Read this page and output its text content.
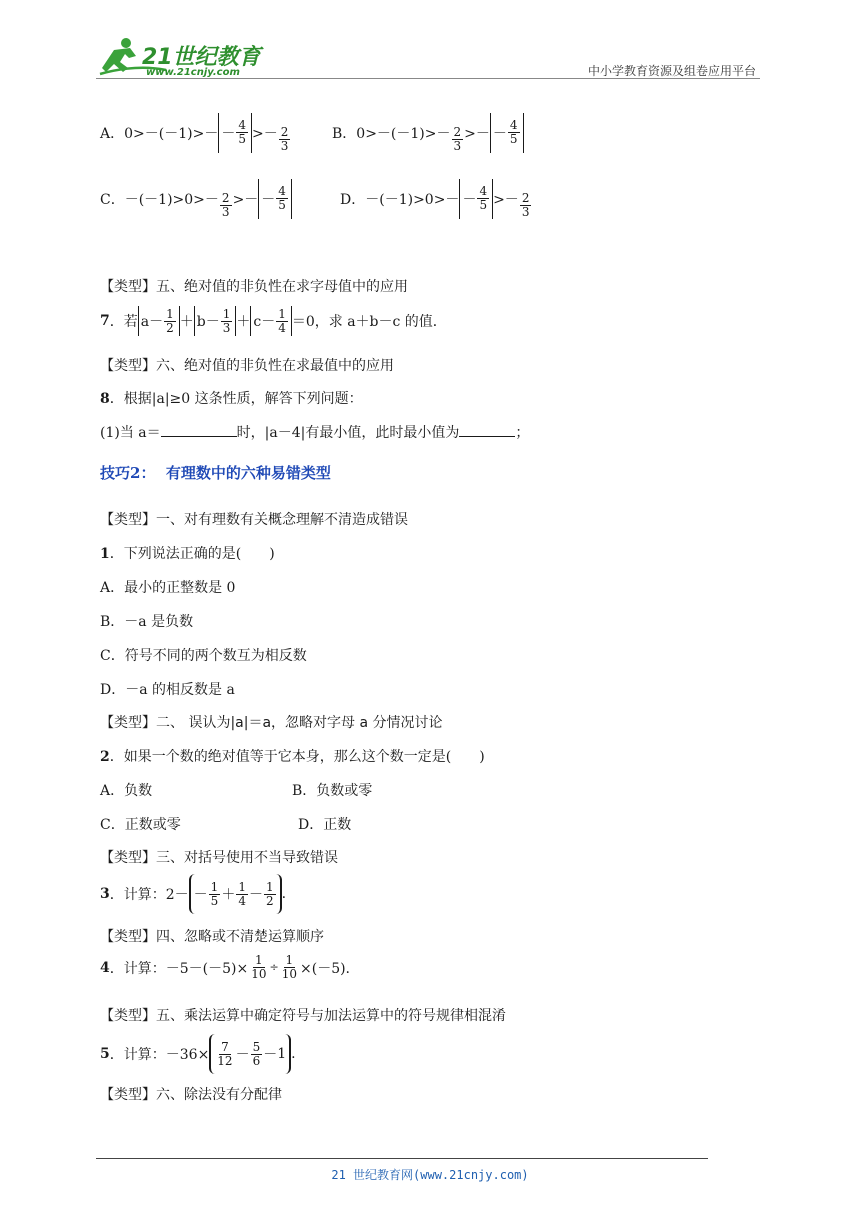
21世纪教育
www.21cnjy.com	中小学教育资源及组卷应用平台
A． $0>-(-1)>- - \frac{4}{5} >- \frac{2}{3}$	B． $0>-(-1)>- \frac{2}{3}$ >－ － $\frac{4}{5}$
C． $-(-1)>0>- \frac{2}{3}$ >－ － $\frac{4}{5}$	D． $-(-1)>0>- - \frac{4}{5} >- \frac{2}{3}$
【类型】五、绝对值的非负性在求字母值中的应用
7 ．若 $a- \frac{1}{2} + b- \frac{1}{3} + c- \frac{1}{4} =0$，求 a＋b－c 的值．
【类型】六、绝对值的非负性在求最值中的应用
8．根据|a|≥0 这条性质，解答下列问题：
(1)当 a＝	时，|a－4|有最小值，此时最小值为	；
技巧2： 有理数中的六种易错类型
【类型】一、对有理数有关概念理解不清造成错误
1．下列说法正确的是(　　)
A．最小的正整数是 0
B．－a 是负数
C．符号不同的两个数互为相反数
D．－a 的相反数是 a
【类型】二、 误认为|a|＝a，忽略对字母 a 分情况讨论
2．如果一个数的绝对值等于它本身，那么这个数一定是(　　)
A．负数	B．负数或零
C．正数或零	D．正数
【类型】三、对括号使用不当导致错误
3 ．计算：$2- - \frac{1}{5} + \frac{1}{4} - \frac{1}{2}$ .
【类型】四、忽略或不清楚运算顺序
4 ．计算：$-5-(-5)\times \frac{1}{10} \div \frac{1}{10} \times(-5)$.
【类型】五、乘法运算中确定符号与加法运算中的符号规律相混淆
5 ．计算：$-36\times \frac{7}{12} - \frac{5}{6} - 1$ .
【类型】六、除法没有分配律
21 世纪教育网(www.21cnjy.com)
